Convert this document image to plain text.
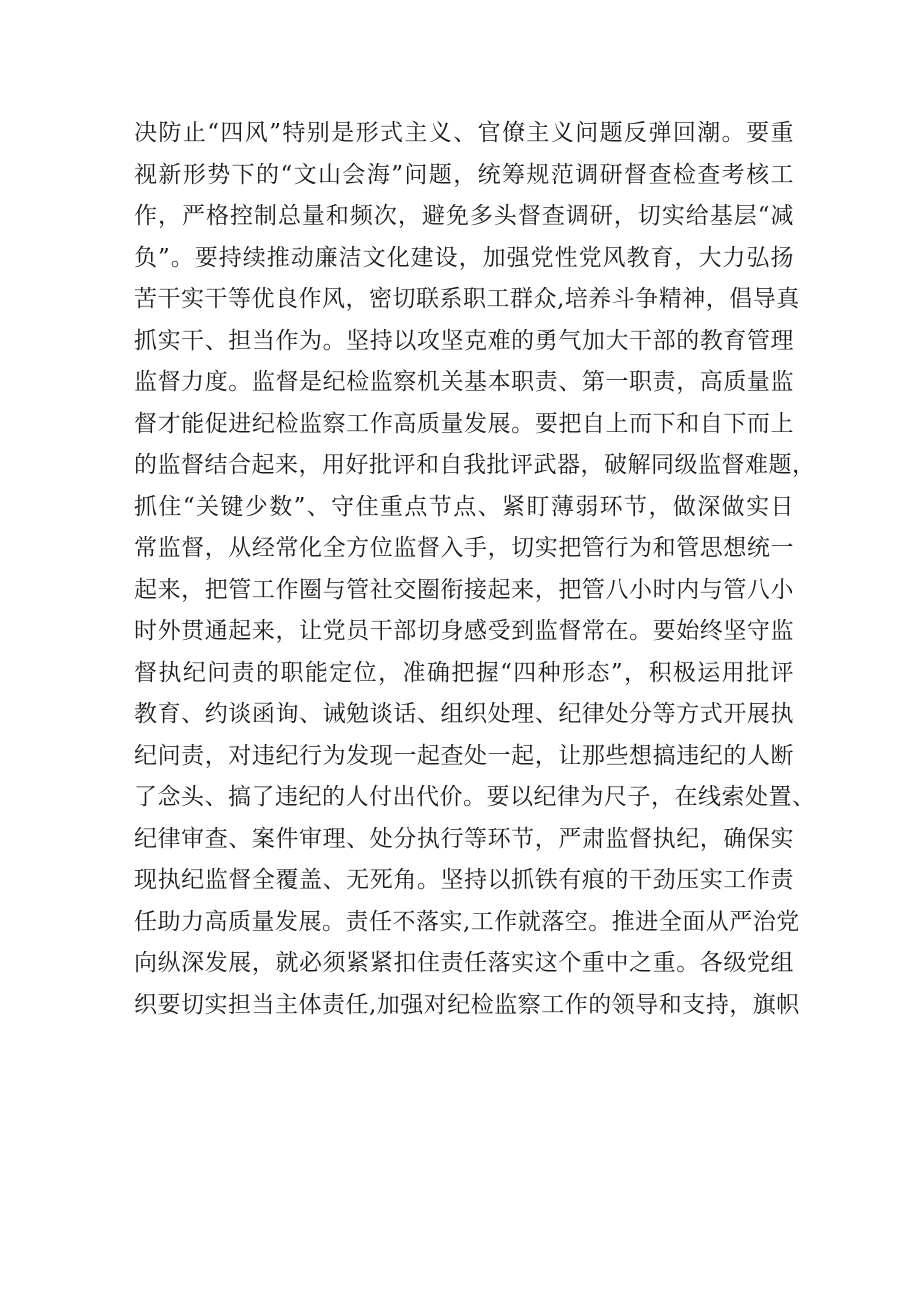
决防止“四风”特别是形式主义、官僚主义问题反弹回潮。要重
视新形势下的“文山会海”问题，统筹规范调研督查检查考核工
作，严格控制总量和频次，避免多头督查调研，切实给基层“减
负”。要持续推动廉洁文化建设，加强党性党风教育，大力弘扬
苦干实干等优良作风，密切联系职工群众,培养斗争精神，倡导真
抓实干、担当作为。坚持以攻坚克难的勇气加大干部的教育管理
监督力度。监督是纪检监察机关基本职责、第一职责，高质量监
督才能促进纪检监察工作高质量发展。要把自上而下和自下而上
的监督结合起来，用好批评和自我批评武器，破解同级监督难题，
抓住“关键少数”、守住重点节点、紧盯薄弱环节，做深做实日
常监督，从经常化全方位监督入手，切实把管行为和管思想统一
起来，把管工作圈与管社交圈衔接起来，把管八小时内与管八小
时外贯通起来，让党员干部切身感受到监督常在。要始终坚守监
督执纪问责的职能定位，准确把握“四种形态”，积极运用批评
教育、约谈函询、诫勉谈话、组织处理、纪律处分等方式开展执
纪问责，对违纪行为发现一起查处一起，让那些想搞违纪的人断
了念头、搞了违纪的人付出代价。要以纪律为尺子，在线索处置、
纪律审查、案件审理、处分执行等环节，严肃监督执纪，确保实
现执纪监督全覆盖、无死角。坚持以抓铁有痕的干劲压实工作责
任助力高质量发展。责任不落实,工作就落空。推进全面从严治党
向纵深发展，就必须紧紧扣住责任落实这个重中之重。各级党组
织要切实担当主体责任,加强对纪检监察工作的领导和支持，旗帜
